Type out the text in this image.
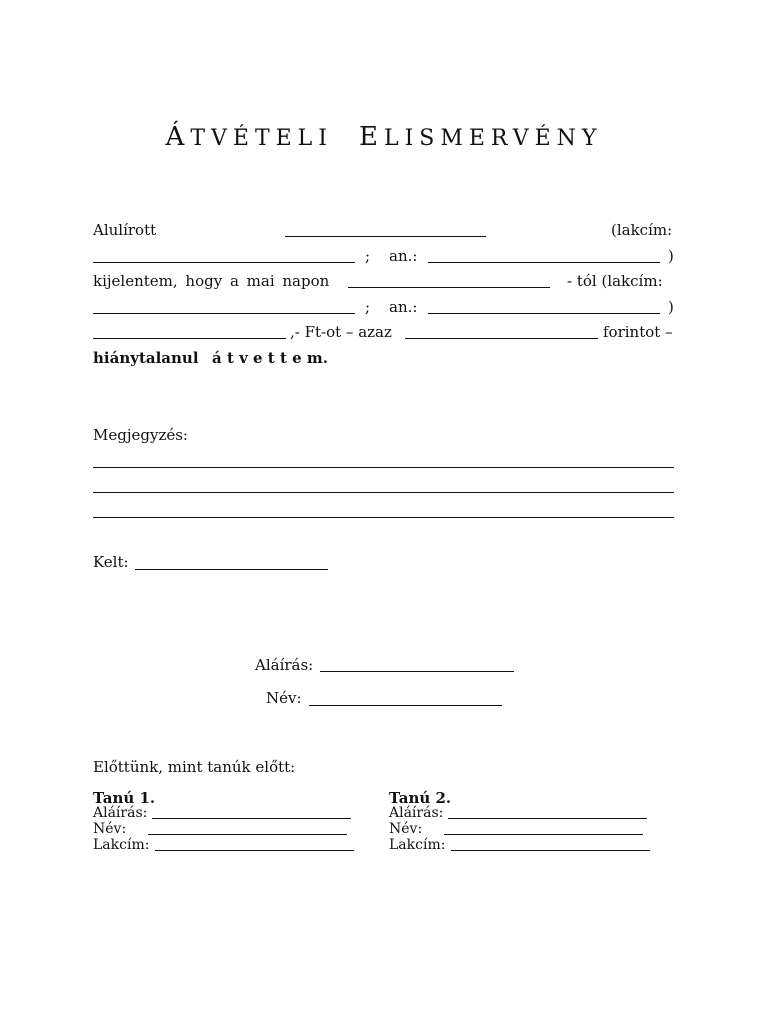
ÁTVÉTELI ELISMERVÉNY
Alulírott	(lakcím:
; an.:	)
kijelentem, hogy a mai napon	- tól (lakcím:
; an.:	)
,- Ft-ot – azaz	forintot –
hiánytalanul á t v e t t e m.
Megjegyzés:
Kelt:
Aláírás:
Név:
Előttünk, mint tanúk előtt:
Tanú 1.
Aláírás:
Név:
Lakcím:
Tanú 2.
Aláírás:
Név:
Lakcím:
